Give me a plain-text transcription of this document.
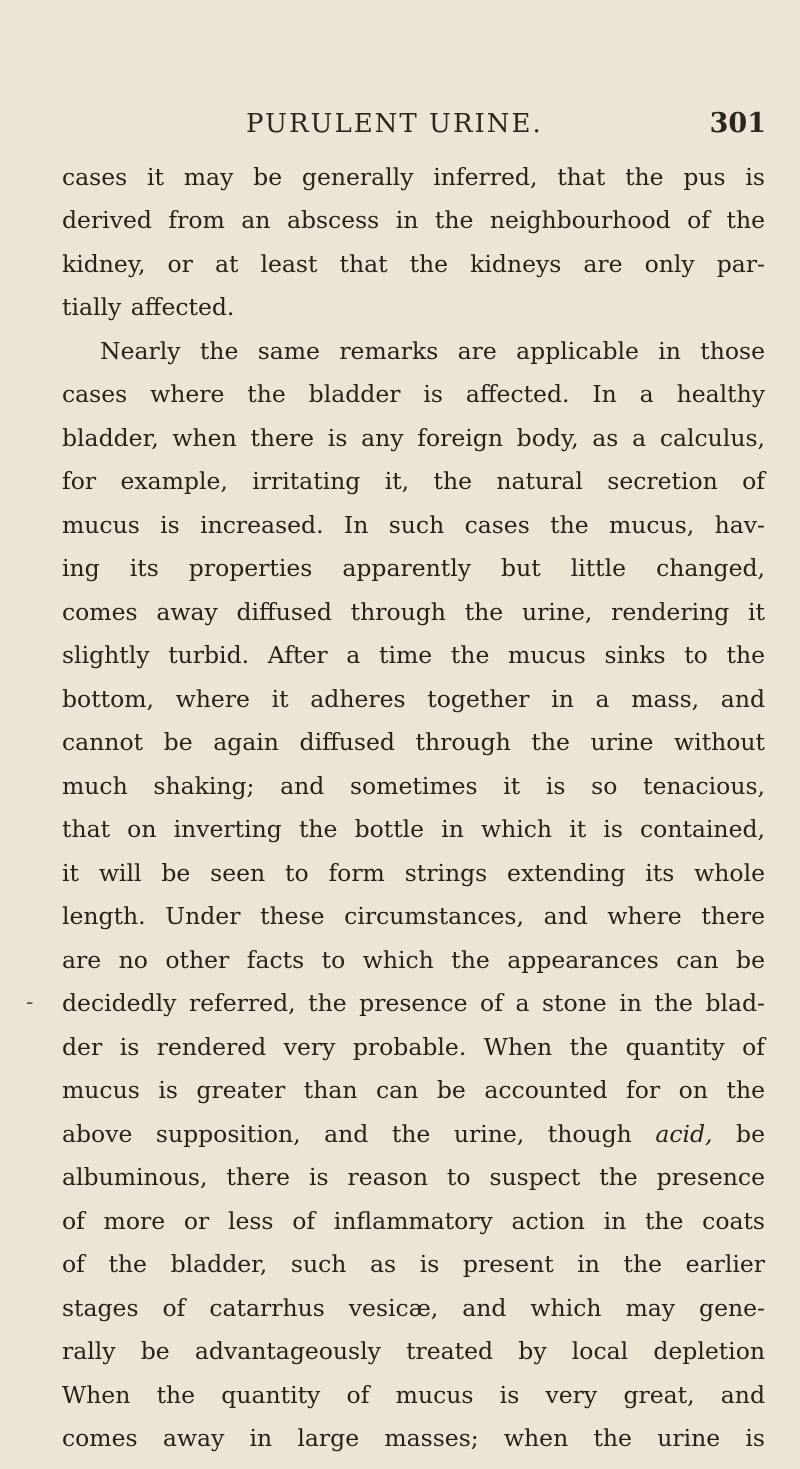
PURULENT URINE.	301
-
cases it may be generally inferred, that the pus is
derived from an abscess in the neighbourhood of the
kidney, or at least that the kidneys are only par-
tially affected.
Nearly the same remarks are applicable in those
cases where the bladder is affected. In a healthy
bladder, when there is any foreign body, as a calculus,
for example, irritating it, the natural secretion of
mucus is increased. In such cases the mucus, hav-
ing its properties apparently but little changed,
comes away diffused through the urine, rendering it
slightly turbid. After a time the mucus sinks to the
bottom, where it adheres together in a mass, and
cannot be again diffused through the urine without
much shaking; and sometimes it is so tenacious,
that on inverting the bottle in which it is contained,
it will be seen to form strings extending its whole
length. Under these circumstances, and where there
are no other facts to which the appearances can be
decidedly referred, the presence of a stone in the blad-
der is rendered very probable. When the quantity of
mucus is greater than can be accounted for on the
above supposition, and the urine, though acid, be
albuminous, there is reason to suspect the presence
of more or less of inflammatory action in the coats
of the bladder, such as is present in the earlier
stages of catarrhus vesicæ, and which may gene-
rally be advantageously treated by local depletion
When the quantity of mucus is very great, and
comes away in large masses; when the urine is
